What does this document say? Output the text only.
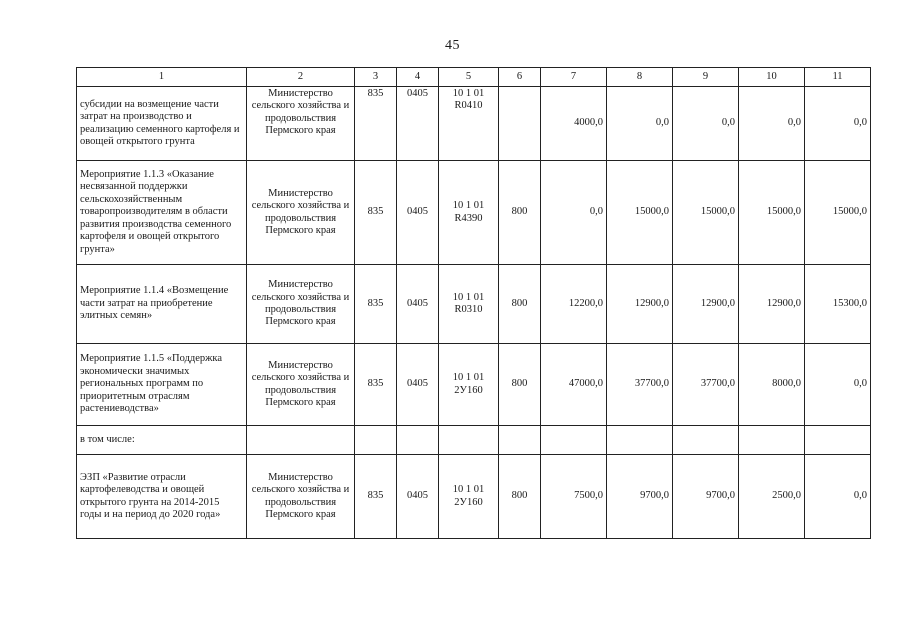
45
1	2	3	4	5	6	7	8	9	10	11
субсидии на возмещение части затрат на производство и реализацию семенного картофеля и овощей открытого грунта	Министерство сельского хозяйства и продовольствия Пермского края	835	0405	10 1 01 R0410		4000,0	0,0	0,0	0,0	0,0
Мероприятие 1.1.3 «Оказание несвязанной поддержки сельскохозяйственным товаропроизводителям в области развития производства семенного картофеля и овощей открытого грунта»	Министерство сельского хозяйства и продовольствия Пермского края	835	0405	10 1 01 R4390	800	0,0	15000,0	15000,0	15000,0	15000,0
Мероприятие 1.1.4 «Возмещение части затрат на приобретение элитных семян»	Министерство сельского хозяйства и продовольствия Пермского края	835	0405	10 1 01 R0310	800	12200,0	12900,0	12900,0	12900,0	15300,0
Мероприятие 1.1.5 «Поддержка экономически значимых региональных программ по приоритетным отраслям растениеводства»	Министерство сельского хозяйства и продовольствия Пермского края	835	0405	10 1 01 2У160	800	47000,0	37700,0	37700,0	8000,0	0,0
в том числе:										
ЭЗП «Развитие отрасли картофелеводства и овощей открытого грунта на 2014-2015 годы и на период до 2020 года»	Министерство сельского хозяйства и продовольствия Пермского края	835	0405	10 1 01 2У160	800	7500,0	9700,0	9700,0	2500,0	0,0
